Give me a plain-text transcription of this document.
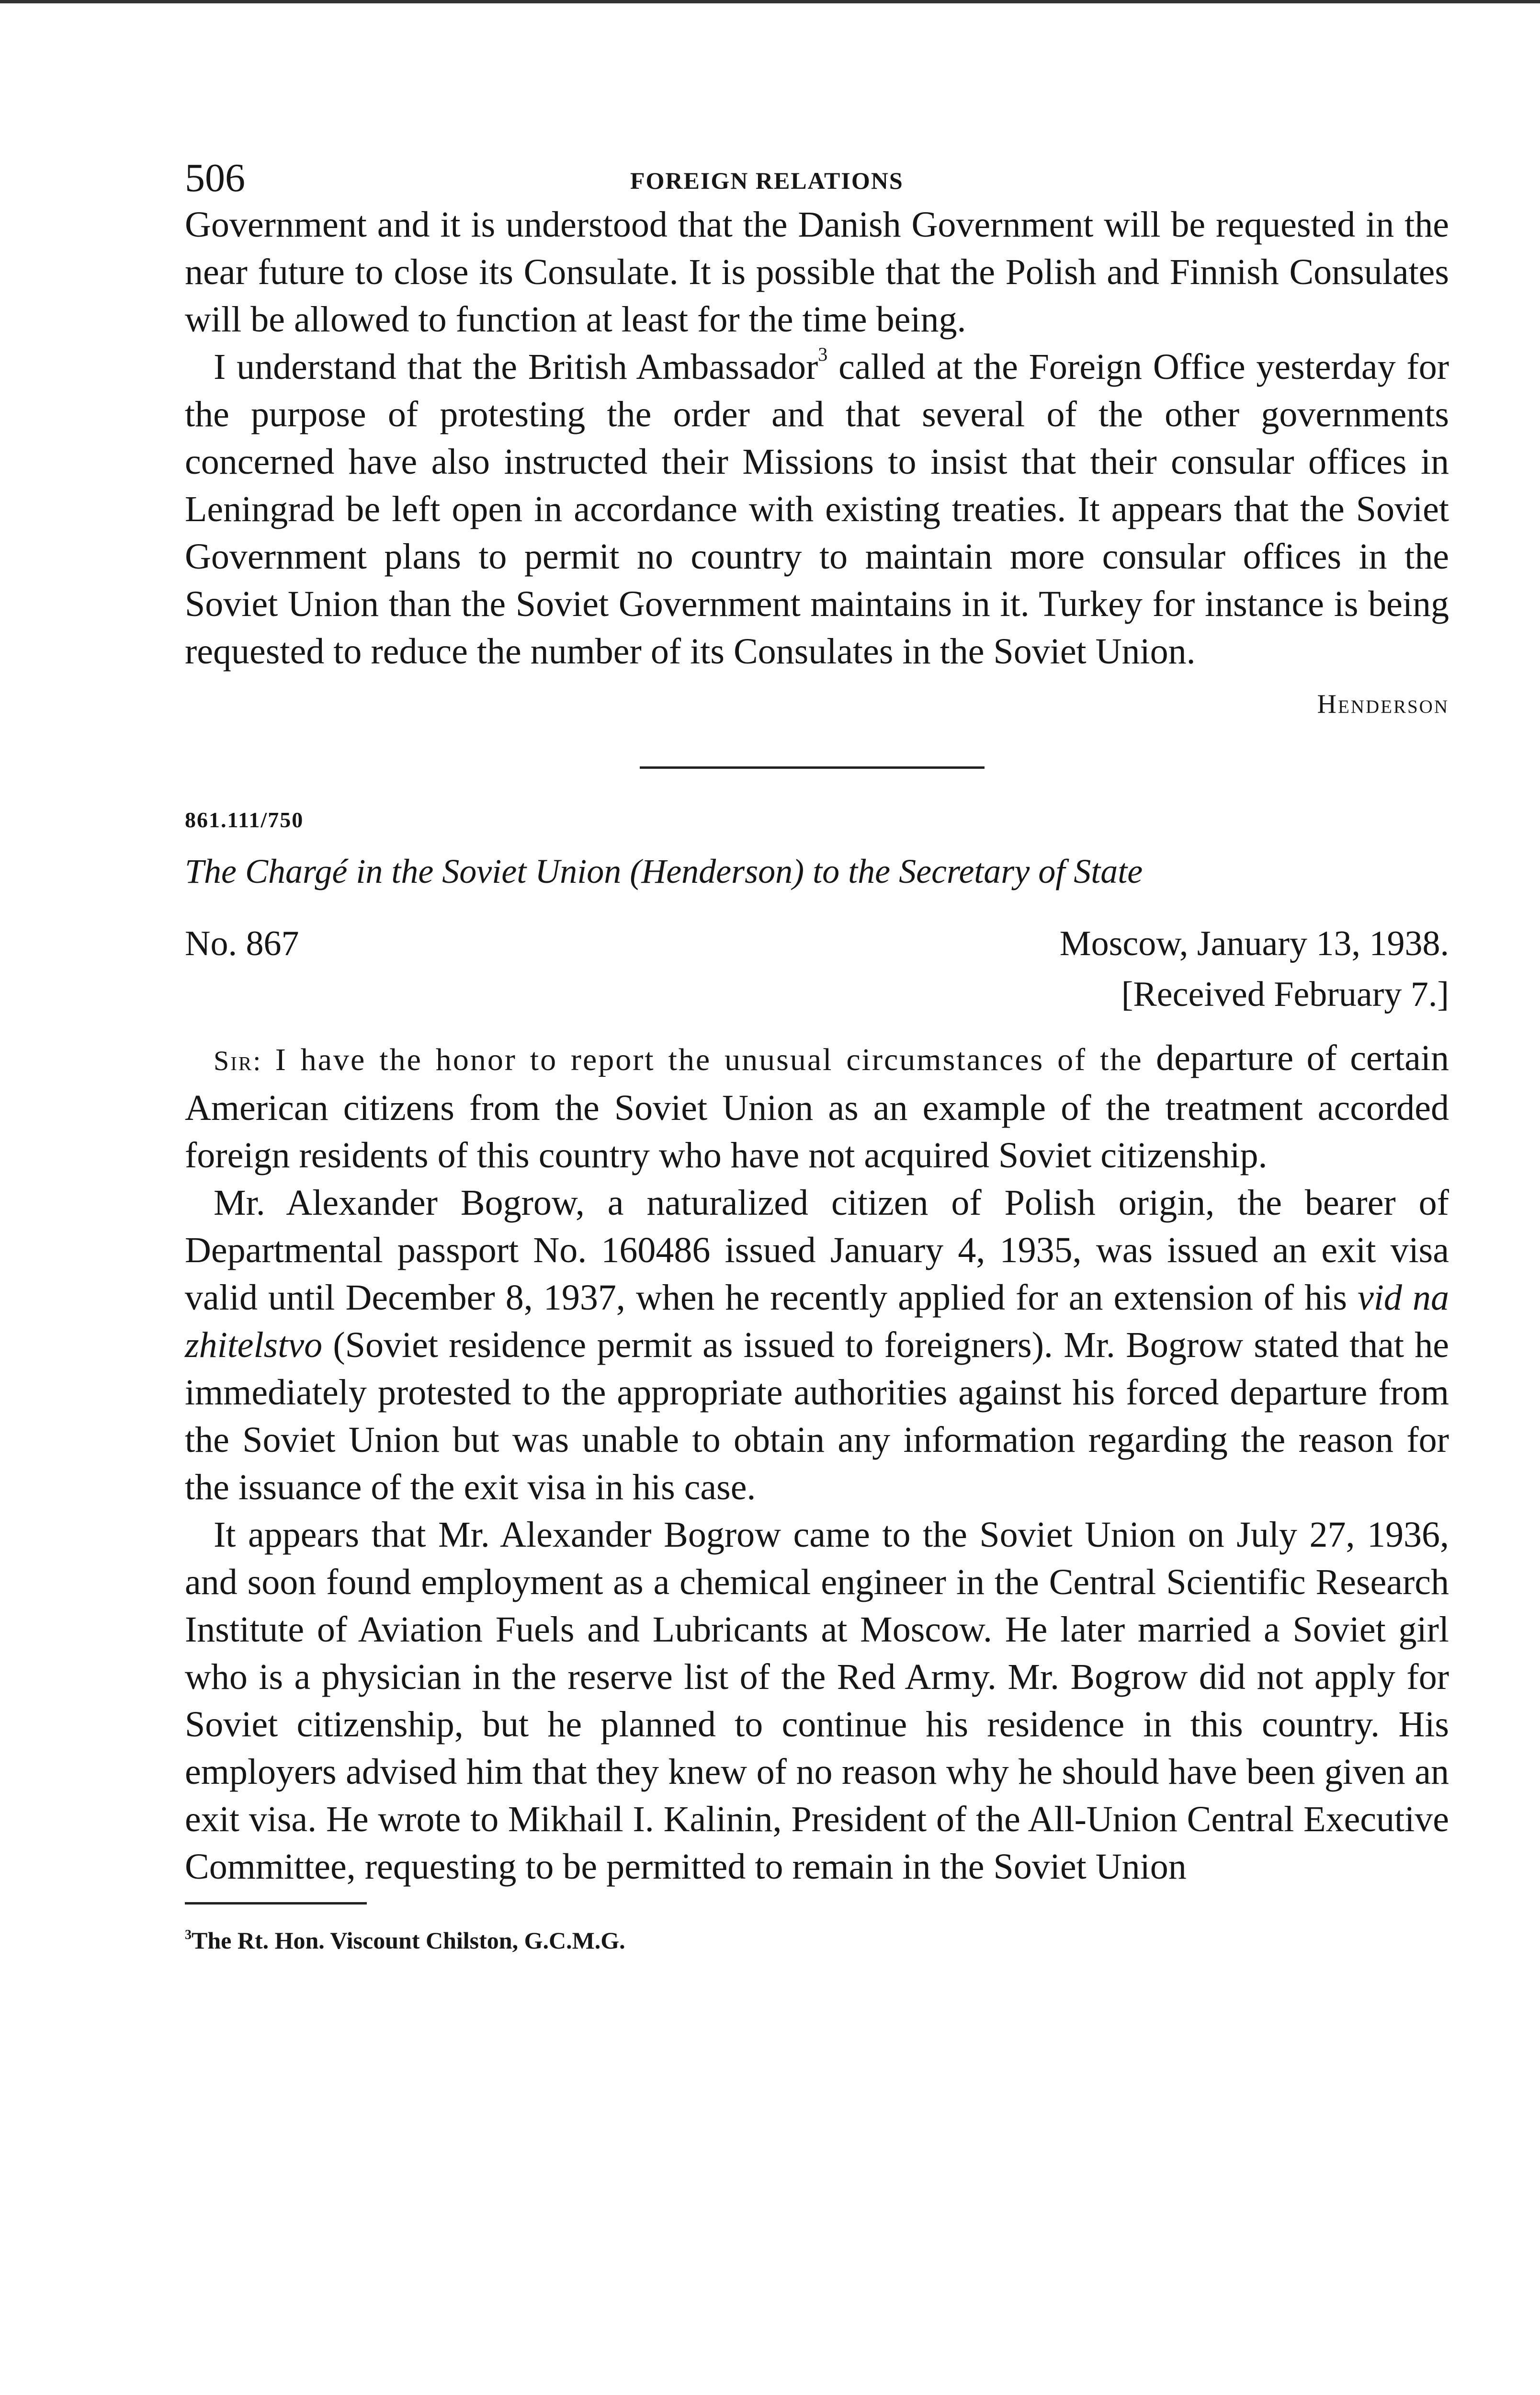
506	FOREIGN RELATIONS

Government and it is understood that the Danish Government will be requested in the near future to close its Consulate. It is possible that the Polish and Finnish Consulates will be allowed to function at least for the time being.

I understand that the British Ambassador$^3$ called at the Foreign Office yesterday for the purpose of protesting the order and that several of the other governments concerned have also instructed their Missions to insist that their consular offices in Leningrad be left open in accordance with existing treaties. It appears that the Soviet Government plans to permit no country to maintain more consular offices in the Soviet Union than the Soviet Government maintains in it. Turkey for instance is being requested to reduce the number of its Consulates in the Soviet Union.

Henderson
861.111/750
The Chargé in the Soviet Union (Henderson) to the Secretary of State
No. 867	Moscow, January 13, 1938.
[Received February 7.]

Sir: I have the honor to report the unusual circumstances of the departure of certain American citizens from the Soviet Union as an example of the treatment accorded foreign residents of this country who have not acquired Soviet citizenship.

Mr. Alexander Bogrow, a naturalized citizen of Polish origin, the bearer of Departmental passport No. 160486 issued January 4, 1935, was issued an exit visa valid until December 8, 1937, when he recently applied for an extension of his vid na zhitelstvo (Soviet residence permit as issued to foreigners). Mr. Bogrow stated that he immediately protested to the appropriate authorities against his forced departure from the Soviet Union but was unable to obtain any information regarding the reason for the issuance of the exit visa in his case.

It appears that Mr. Alexander Bogrow came to the Soviet Union on July 27, 1936, and soon found employment as a chemical engineer in the Central Scientific Research Institute of Aviation Fuels and Lubricants at Moscow. He later married a Soviet girl who is a physician in the reserve list of the Red Army. Mr. Bogrow did not apply for Soviet citizenship, but he planned to continue his residence in this country. His employers advised him that they knew of no reason why he should have been given an exit visa. He wrote to Mikhail I. Kalinin, President of the All-Union Central Executive Committee, requesting to be permitted to remain in the Soviet Union

$^3$The Rt. Hon. Viscount Chilston, G.C.M.G.
